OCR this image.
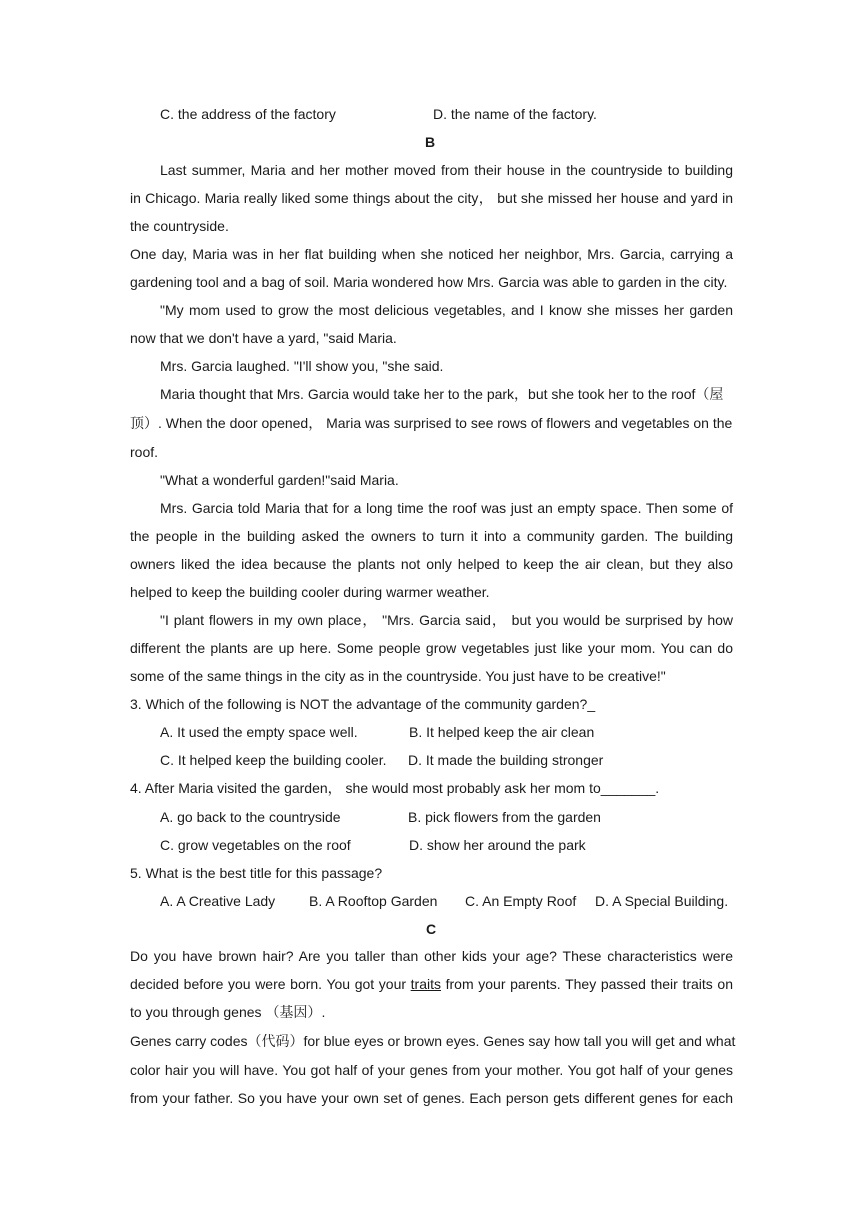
C. the address of the factory	D. the name of the factory.
B
Last summer, Maria and her mother moved from their house in the countryside to building
in Chicago. Maria really liked some things about the city， but she missed her house and yard in
the countryside.
One day, Maria was in her flat building when she noticed her neighbor, Mrs. Garcia, carrying a
gardening tool and a bag of soil. Maria wondered how Mrs. Garcia was able to garden in the city.
"My mom used to grow the most delicious vegetables, and I know she misses her garden
now that we don't have a yard, "said Maria.
Mrs. Garcia laughed. "I'll show you, "she said.
Maria thought that Mrs. Garcia would take her to the park，but she took her to the roof（屋
顶）. When the door opened， Maria was surprised to see rows of flowers and vegetables on the
roof.
"What a wonderful garden!"said Maria.
Mrs. Garcia told Maria that for a long time the roof was just an empty space. Then some of
the people in the building asked the owners to turn it into a community garden. The building
owners liked the idea because the plants not only helped to keep the air clean, but they also
helped to keep the building cooler during warmer weather.
"I plant flowers in my own place， "Mrs. Garcia said， but you would be surprised by how
different the plants are up here. Some people grow vegetables just like your mom. You can do
some of the same things in the city as in the countryside. You just have to be creative!"
3. Which of the following is NOT the advantage of the community garden?_
A. It used the empty space well.	B. It helped keep the air clean
C. It helped keep the building cooler. D. It made the building stronger
4. After Maria visited the garden， she would most probably ask her mom to_______.
A. go back to the countryside	B. pick flowers from the garden
C. grow vegetables on the roof	D. show her around the park
5. What is the best title for this passage?
A. A Creative Lady B. A Rooftop Garden C. An Empty Roof D. A Special Building.
C
Do you have brown hair? Are you taller than other kids your age? These characteristics were
decided before you were born. You got your traits from your parents. They passed their traits on
to you through genes （基因）.
Genes carry codes（代码）for blue eyes or brown eyes. Genes say how tall you will get and what
color hair you will have. You got half of your genes from your mother. You got half of your genes
from your father. So you have your own set of genes. Each person gets different genes for each
